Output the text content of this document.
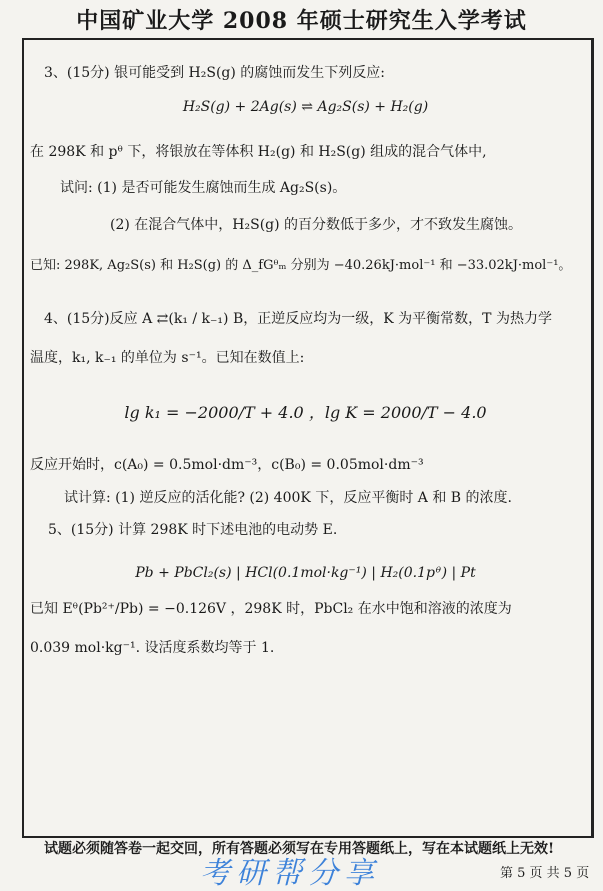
中国矿业大学 2008 年硕士研究生入学考试
3、(15分) 银可能受到 H₂S(g) 的腐蚀而发生下列反应:
H₂S(g) + 2Ag(s) ⇌ Ag₂S(s) + H₂(g)
在 298K 和 pᶿ 下，将银放在等体积 H₂(g) 和 H₂S(g) 组成的混合气体中,
试问: (1) 是否可能发生腐蚀而生成 Ag₂S(s)。
(2) 在混合气体中，H₂S(g) 的百分数低于多少，才不致发生腐蚀。
已知: 298K, Ag₂S(s) 和 H₂S(g) 的 Δ_fGᶿₘ 分别为 −40.26kJ·mol⁻¹ 和 −33.02kJ·mol⁻¹。
4、(15分)反应 A ⇄(k₁ / k₋₁) B，正逆反应均为一级，K 为平衡常数，T 为热力学
温度，k₁, k₋₁ 的单位为 s⁻¹。已知在数值上:
lg k₁ = −2000/T + 4.0 ，lg K = 2000/T − 4.0
反应开始时，c(A₀) = 0.5mol·dm⁻³，c(B₀) = 0.05mol·dm⁻³
试计算: (1) 逆反应的活化能? (2) 400K 下，反应平衡时 A 和 B 的浓度.
5、(15分) 计算 298K 时下述电池的电动势 E.
Pb + PbCl₂(s) | HCl(0.1mol·kg⁻¹) | H₂(0.1pᶿ) | Pt
已知 Eᶿ(Pb²⁺/Pb) = −0.126V ，298K 时，PbCl₂ 在水中饱和溶液的浓度为
0.039 mol·kg⁻¹. 设活度系数均等于 1.
试题必须随答卷一起交回，所有答题必须写在专用答题纸上，写在本试题纸上无效!
考研帮分享	第 5 页 共 5 页
